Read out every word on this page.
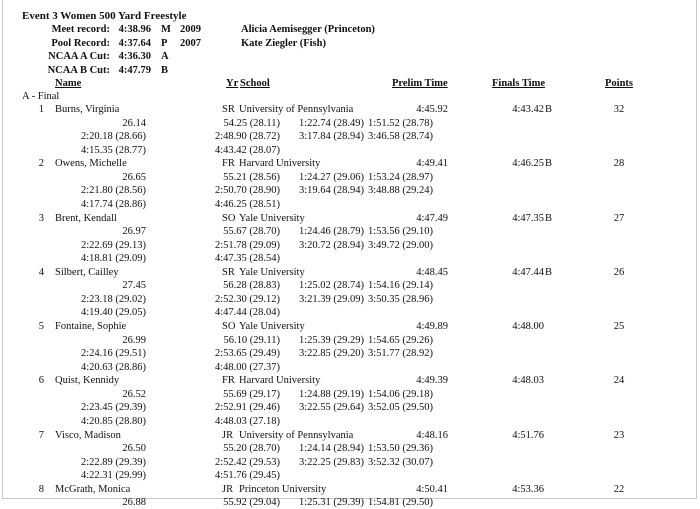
Event 3 Women 500 Yard Freestyle
Meet record: 4:38.96 M 2009	Alicia Aemisegger (Princeton)
Pool Record: 4:37.64 P 2007	Kate Ziegler (Fish)
NCAA A Cut: 4:36.30 A
NCAA B Cut: 4:47.79 B
Name	Yr School	Prelim Time	Finals Time	Points
A - Final
1 Burns, Virginia	SR University of Pennsylvania	4:45.92	4:43.42 B	32
26.14	54.25 (28.11)	1:22.74 (28.49) 1:51.52 (28.78)
2:20.18 (28.66)	2:48.90 (28.72)	3:17.84 (28.94) 3:46.58 (28.74)
4:15.35 (28.77)	4:43.42 (28.07)
2 Owens, Michelle	FR Harvard University	4:49.41	4:46.25 B	28
26.65	55.21 (28.56)	1:24.27 (29.06) 1:53.24 (28.97)
2:21.80 (28.56)	2:50.70 (28.90)	3:19.64 (28.94) 3:48.88 (29.24)
4:17.74 (28.86)	4:46.25 (28.51)
3 Brent, Kendall	SO Yale University	4:47.49	4:47.35 B	27
26.97	55.67 (28.70)	1:24.46 (28.79) 1:53.56 (29.10)
2:22.69 (29.13)	2:51.78 (29.09)	3:20.72 (28.94) 3:49.72 (29.00)
4:18.81 (29.09)	4:47.35 (28.54)
4 Silbert, Cailley	SR Yale University	4:48.45	4:47.44 B	26
27.45	56.28 (28.83)	1:25.02 (28.74) 1:54.16 (29.14)
2:23.18 (29.02)	2:52.30 (29.12)	3:21.39 (29.09) 3:50.35 (28.96)
4:19.40 (29.05)	4:47.44 (28.04)
5 Fontaine, Sophie	SO Yale University	4:49.89	4:48.00	25
26.99	56.10 (29.11)	1:25.39 (29.29) 1:54.65 (29.26)
2:24.16 (29.51)	2:53.65 (29.49)	3:22.85 (29.20) 3:51.77 (28.92)
4:20.63 (28.86)	4:48.00 (27.37)
6 Quist, Kennidy	FR Harvard University	4:49.39	4:48.03	24
26.52	55.69 (29.17)	1:24.88 (29.19) 1:54.06 (29.18)
2:23.45 (29.39)	2:52.91 (29.46)	3:22.55 (29.64) 3:52.05 (29.50)
4:20.85 (28.80)	4:48.03 (27.18)
7 Visco, Madison	JR University of Pennsylvania	4:48.16	4:51.76	23
26.50	55.20 (28.70)	1:24.14 (28.94) 1:53.50 (29.36)
2:22.89 (29.39)	2:52.42 (29.53)	3:22.25 (29.83) 3:52.32 (30.07)
4:22.31 (29.99)	4:51.76 (29.45)
8 McGrath, Monica	JR Princeton University	4:50.41	4:53.36	22
26.88	55.92 (29.04)	1:25.31 (29.39) 1:54.81 (29.50)
